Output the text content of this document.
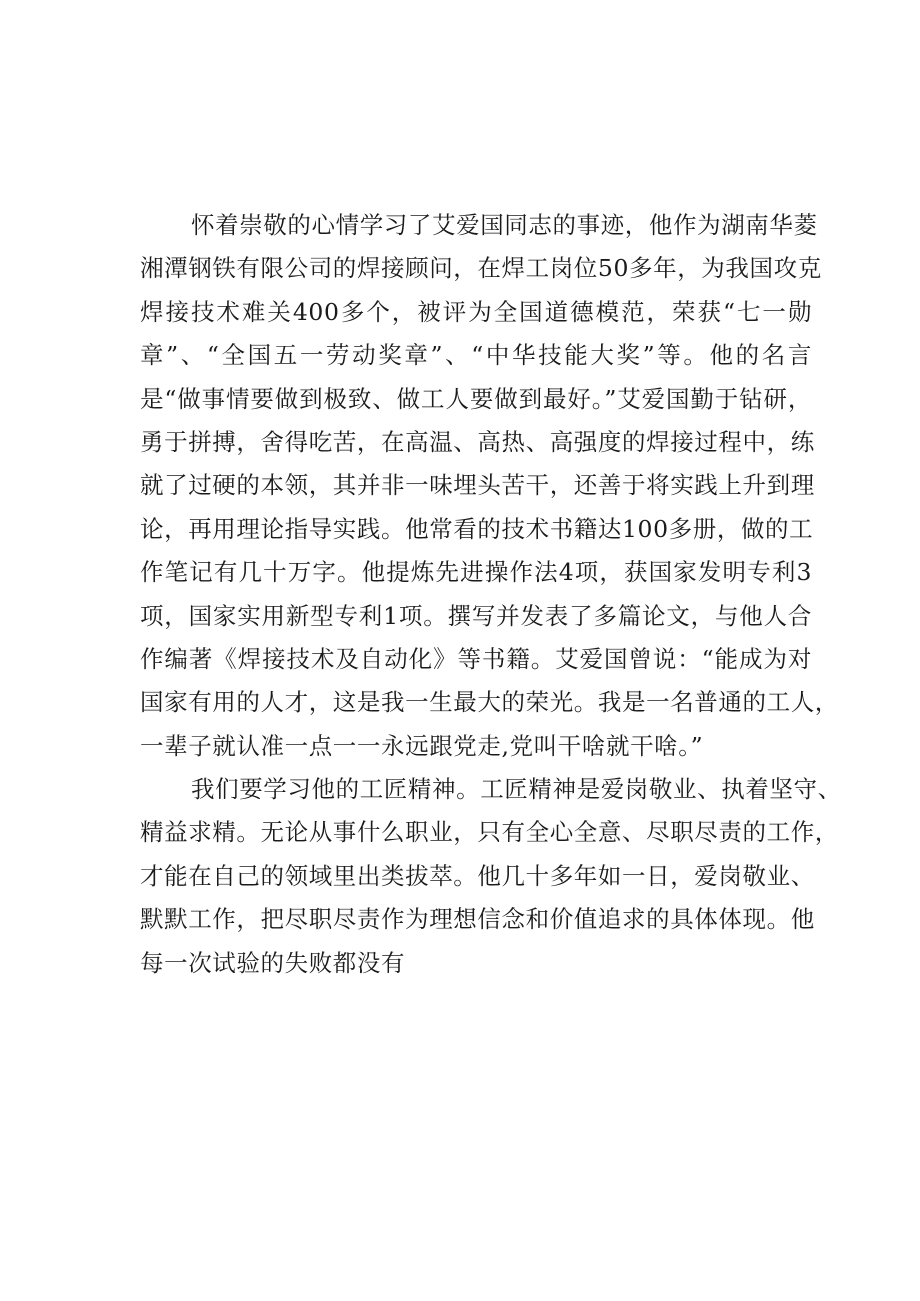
怀着崇敬的心情学习了艾爱国同志的事迹，他作为湖南华菱
湘潭钢铁有限公司的焊接顾问，在焊工岗位50多年，为我国攻克
焊接技术难关400多个，被评为全国道德模范，荣获“七一勋
章”、“全国五一劳动奖章”、“中华技能大奖”等。他的名言
是“做事情要做到极致、做工人要做到最好。”艾爱国勤于钻研，
勇于拼搏，舍得吃苦，在高温、高热、高强度的焊接过程中，练
就了过硬的本领，其并非一味埋头苦干，还善于将实践上升到理
论，再用理论指导实践。他常看的技术书籍达100多册，做的工
作笔记有几十万字。他提炼先进操作法4项，获国家发明专利3
项，国家实用新型专利1项。撰写并发表了多篇论文，与他人合
作编著《焊接技术及自动化》等书籍。艾爱国曾说：“能成为对
国家有用的人才，这是我一生最大的荣光。我是一名普通的工人，
一辈子就认准一点一一永远跟党走,党叫干啥就干啥。”
我们要学习他的工匠精神。工匠精神是爱岗敬业、执着坚守、
精益求精。无论从事什么职业，只有全心全意、尽职尽责的工作，
才能在自己的领域里出类拔萃。他几十多年如一日，爱岗敬业、
默默工作，把尽职尽责作为理想信念和价值追求的具体体现。他
每一次试验的失败都没有
